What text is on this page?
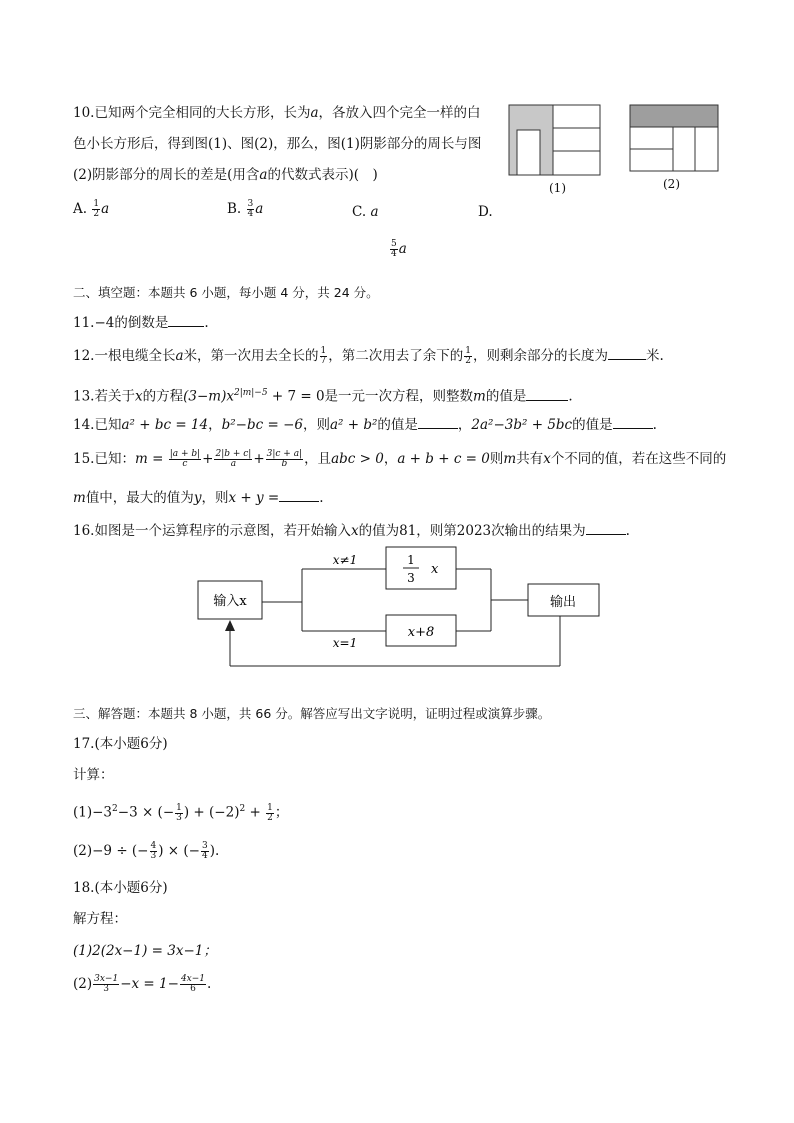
10.已知两个完全相同的大长方形，长为a，各放入四个完全一样的白
色小长方形后，得到图(1)、图(2)，那么，图(1)阴影部分的周长与图
(2)阴影部分的周长的差是(用含a的代数式表示)(　)
(1)	(2)
A. $\frac{1}{2}$ a	B. $\frac{3}{4}$ a	C. a	D.
$\frac{5}{4}$ a
二、填空题：本题共 6 小题，每小题 4 分，共 24 分。
11.−4的倒数是	.
12.一根电缆全长a米，第一次用去全长的 $\frac{1}{7}$ ，第二次用去了余下的 $\frac{1}{2}$ ，则剩余部分的长度为	米.
13.若关于x的方程$(3-m)x^{2|m|-5} + 7 = 0$是一元一次方程，则整数m的值是	.
14.已知a² + bc = 14，b²−bc = −6，则a² + b²的值是	，2a²−3b² + 5bc的值是	.
15.已知：$m = \frac{|a + b|}{c} + \frac{2|b + c|}{a} + \frac{3|c + a|}{b}$ ，且abc > 0，a + b + c = 0则m共有x个不同的值，若在这些不同的
m值中，最大的值为y，则x + y =	.
16.如图是一个运算程序的示意图，若开始输入x的值为81，则第2023次输出的结果为	.
输入x
x≠1	1
3
x
x=1
x+8
输出
三、解答题：本题共 8 小题，共 66 分。解答应写出文字说明，证明过程或演算步骤。
17.(本小题6分)
计算：
$(1)-3^2-3$ × (− $\frac{1}{3}$ ) + $(-2)^2 + \frac{1}{2}$ ；
(2)−9 ÷ (− $\frac{4}{3}$ ) × (− $\frac{3}{4}$ ).
18.(本小题6分)
解方程：
(1)2(2x−1) = 3x−1；
$(2) \frac{3x-1}{3} -x = 1- \frac{4x-1}{6}$ .
